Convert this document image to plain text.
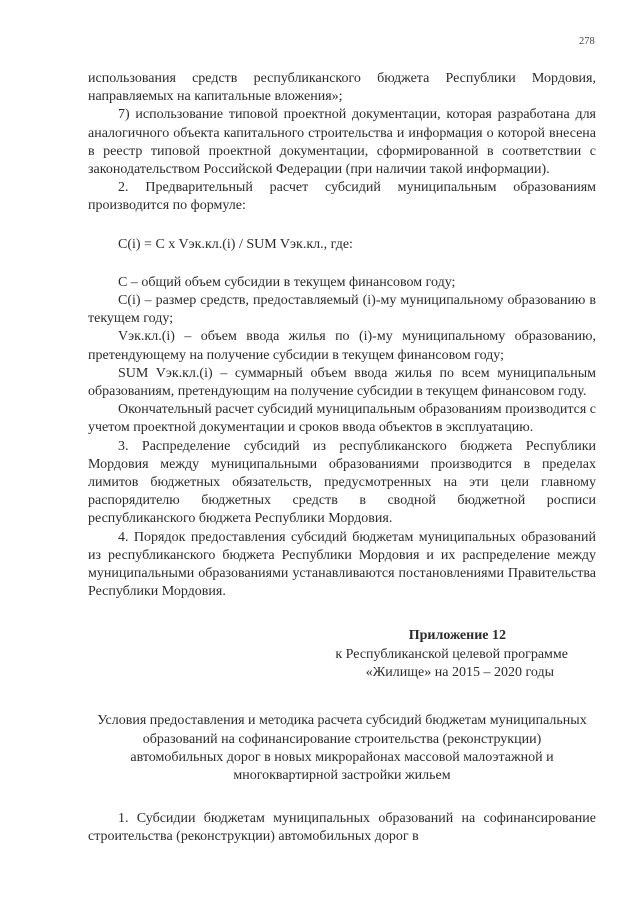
278

использования средств республиканского бюджета Республики Мордовия, направляемых на капитальные вложения»;

7) использование типовой проектной документации, которая разработана для аналогичного объекта капитального строительства и информация о которой внесена в реестр типовой проектной документации, сформированной в соответствии с законодательством Российской Федерации (при наличии такой информации).

2. Предварительный расчет субсидий муниципальным образованиям производится по формуле:

C(i) = C x Vэк.кл.(i) / SUM Vэк.кл., где:

C – общий объем субсидии в текущем финансовом году;

C(i) – размер средств, предоставляемый (i)-му муниципальному образованию в текущем году;

Vэк.кл.(i) – объем ввода жилья по (i)-му муниципальному образованию, претендующему на получение субсидии в текущем финансовом году;

SUM Vэк.кл.(i) – суммарный объем ввода жилья по всем муниципальным образованиям, претендующим на получение субсидии в текущем финансовом году.

Окончательный расчет субсидий муниципальным образованиям производится с учетом проектной документации и сроков ввода объектов в эксплуатацию.

3. Распределение субсидий из республиканского бюджета Республики Мордовия между муниципальными образованиями производится в пределах лимитов бюджетных обязательств, предусмотренных на эти цели главному распорядителю бюджетных средств в сводной бюджетной росписи республиканского бюджета Республики Мордовия.

4. Порядок предоставления субсидий бюджетам муниципальных образований из республиканского бюджета Республики Мордовия и их распределение между муниципальными образованиями устанавливаются постановлениями Правительства Республики Мордовия.

Приложение 12
к Республиканской целевой программе
«Жилище» на 2015 – 2020 годы

Условия предоставления и методика расчета субсидий бюджетам муниципальных образований на софинансирование строительства (реконструкции) автомобильных дорог в новых микрорайонах массовой малоэтажной и многоквартирной застройки жильем

1. Субсидии бюджетам муниципальных образований на софинансирование строительства (реконструкции) автомобильных дорог в
